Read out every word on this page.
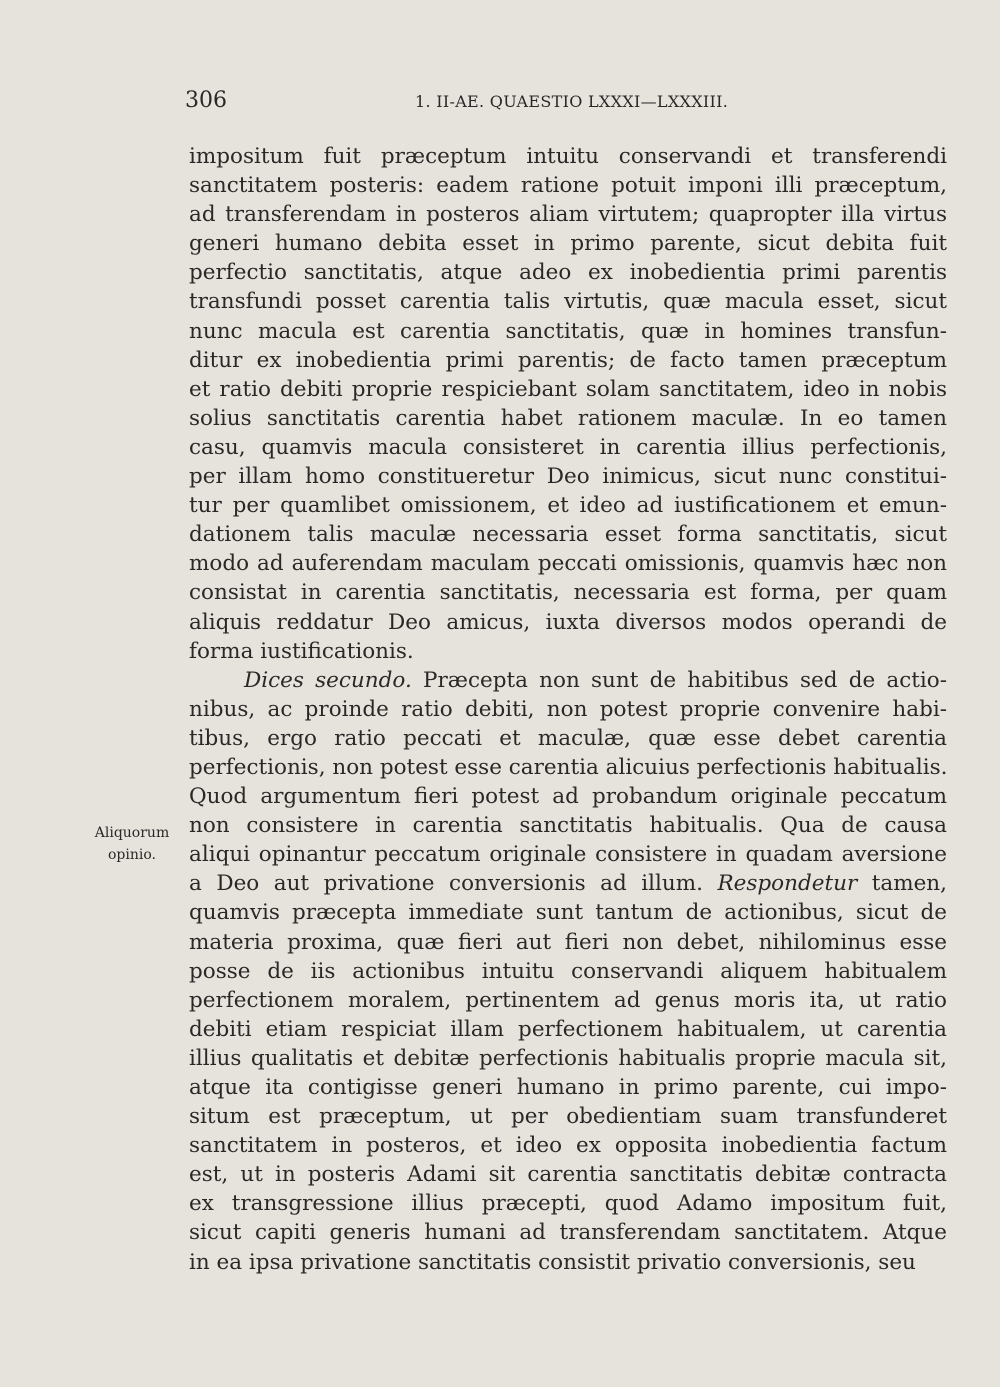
306	1. II-AE. QUAESTIO LXXXI—LXXXIII.
Aliquorum
opinio.
impositum fuit præceptum intuitu conservandi et transferendi
sanctitatem posteris: eadem ratione potuit imponi illi præceptum,
ad transferendam in posteros aliam virtutem; quapropter illa virtus
generi humano debita esset in primo parente, sicut debita fuit
perfectio sanctitatis, atque adeo ex inobedientia primi parentis
transfundi posset carentia talis virtutis, quæ macula esset, sicut
nunc macula est carentia sanctitatis, quæ in homines transfun-
ditur ex inobedientia primi parentis; de facto tamen præceptum
et ratio debiti proprie respiciebant solam sanctitatem, ideo in nobis
solius sanctitatis carentia habet rationem maculæ. In eo tamen
casu, quamvis macula consisteret in carentia illius perfectionis,
per illam homo constitueretur Deo inimicus, sicut nunc constitui-
tur per quamlibet omissionem, et ideo ad iustificationem et emun-
dationem talis maculæ necessaria esset forma sanctitatis, sicut
modo ad auferendam maculam peccati omissionis, quamvis hæc non
consistat in carentia sanctitatis, necessaria est forma, per quam
aliquis reddatur Deo amicus, iuxta diversos modos operandi de
forma iustificationis.
Dices secundo. Præcepta non sunt de habitibus sed de actio-
nibus, ac proinde ratio debiti, non potest proprie convenire habi-
tibus, ergo ratio peccati et maculæ, quæ esse debet carentia
perfectionis, non potest esse carentia alicuius perfectionis habitualis.
Quod argumentum fieri potest ad probandum originale peccatum
non consistere in carentia sanctitatis habitualis. Qua de causa
aliqui opinantur peccatum originale consistere in quadam aversione
a Deo aut privatione conversionis ad illum. Respondetur tamen,
quamvis præcepta immediate sunt tantum de actionibus, sicut de
materia proxima, quæ fieri aut fieri non debet, nihilominus esse
posse de iis actionibus intuitu conservandi aliquem habitualem
perfectionem moralem, pertinentem ad genus moris ita, ut ratio
debiti etiam respiciat illam perfectionem habitualem, ut carentia
illius qualitatis et debitæ perfectionis habitualis proprie macula sit,
atque ita contigisse generi humano in primo parente, cui impo-
situm est præceptum, ut per obedientiam suam transfunderet
sanctitatem in posteros, et ideo ex opposita inobedientia factum
est, ut in posteris Adami sit carentia sanctitatis debitæ contracta
ex transgressione illius præcepti, quod Adamo impositum fuit,
sicut capiti generis humani ad transferendam sanctitatem. Atque
in ea ipsa privatione sanctitatis consistit privatio conversionis, seu
